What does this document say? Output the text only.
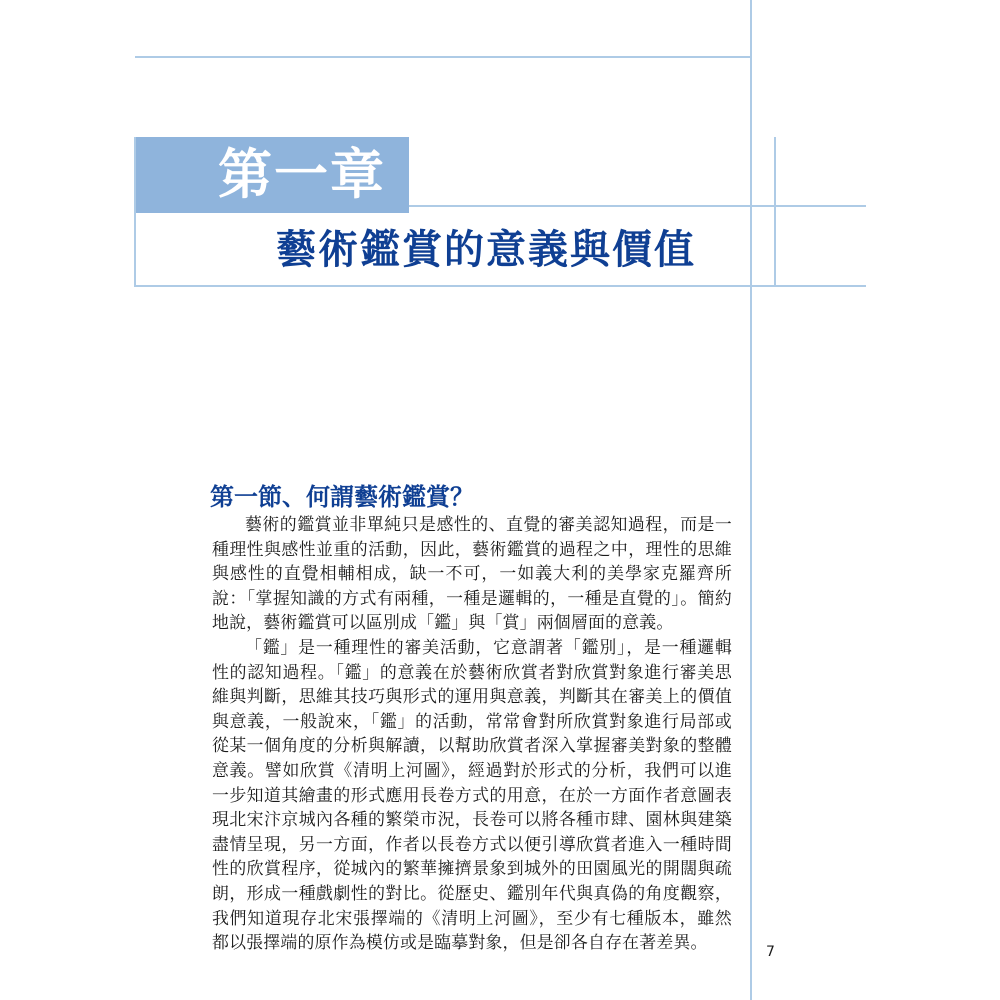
第一章
藝術鑑賞的意義與價值
第一節、何謂藝術鑑賞？

藝術的鑑賞並非單純只是感性的、直覺的審美認知過程，而是一種理性與感性並重的活動，因此，藝術鑑賞的過程之中，理性的思維與感性的直覺相輔相成，缺一不可，一如義大利的美學家克羅齊所說：「掌握知識的方式有兩種，一種是邏輯的，一種是直覺的」。簡約地說，藝術鑑賞可以區別成「鑑」與「賞」兩個層面的意義。

「鑑」是一種理性的審美活動，它意謂著「鑑別」，是一種邏輯性的認知過程。「鑑」的意義在於藝術欣賞者對欣賞對象進行審美思維與判斷，思維其技巧與形式的運用與意義，判斷其在審美上的價值與意義，一般說來，「鑑」的活動，常常會對所欣賞對象進行局部或從某一個角度的分析與解讀，以幫助欣賞者深入掌握審美對象的整體意義。譬如欣賞《清明上河圖》，經過對於形式的分析，我們可以進一步知道其繪畫的形式應用長卷方式的用意，在於一方面作者意圖表現北宋汴京城內各種的繁榮市況，長卷可以將各種市肆、園林與建築盡情呈現，另一方面，作者以長卷方式以便引導欣賞者進入一種時間性的欣賞程序，從城內的繁華擁擠景象到城外的田園風光的開闊與疏朗，形成一種戲劇性的對比。從歷史、鑑別年代與真偽的角度觀察，我們知道現存北宋張擇端的《清明上河圖》，至少有七種版本，雖然都以張擇端的原作為模仿或是臨摹對象，但是卻各自存在著差異。	7
